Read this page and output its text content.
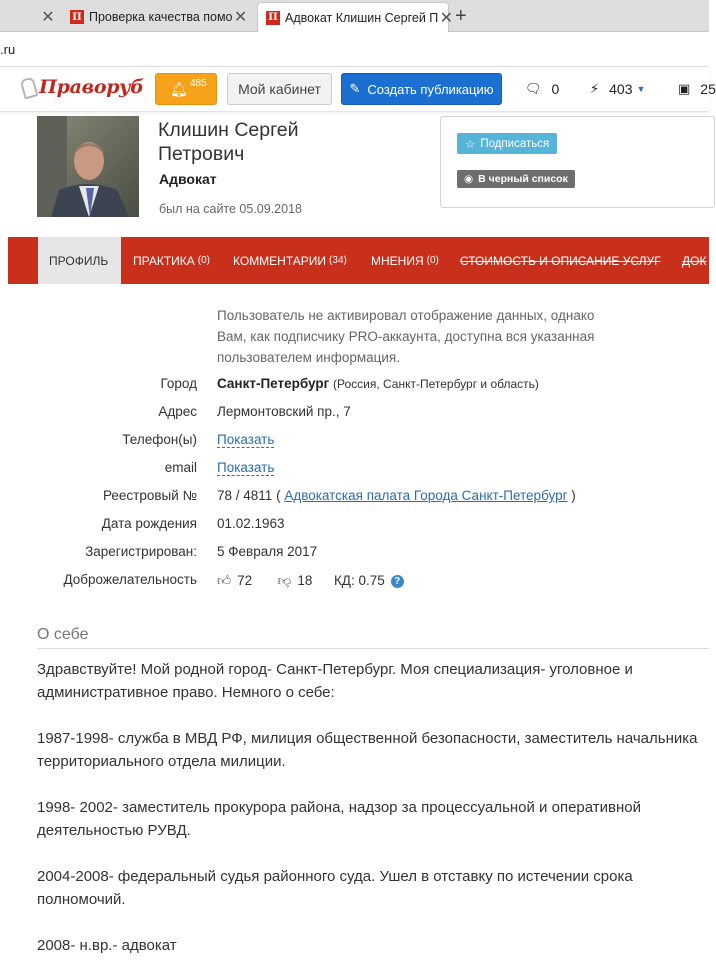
✕ П Проверка качества помо ✕ П Адвокат Клишин Сергей П ✕ +
.ru
Праворуб 🔔︎ 485	Мой кабинет	✎ Создать публикацию 🗨︎ 0 ⚡︎ 403 ▼	▣ 25
Клишин Сергей Петрович
Адвокат
был на сайте 05.09.2018
☆ Подписаться
◉ В черный список
ПРОФИЛЬ ПРАКТИКА (0) КОММЕНТАРИИ (34) МНЕНИЯ (0) СТОИМОСТЬ И ОПИСАНИЕ УСЛУГ ДОК
Пользователь не активировал отображение данных, однако Вам, как подписчику PRO-аккаунта, доступна вся указанная пользователем информация.
Город Санкт-Петербург (Россия, Санкт-Петербург и область)
Адрес Лермонтовский пр., 7
Телефон(ы) Показать
email Показать
Реестровый № 78 / 4811 ( Адвокатская палата Города Санкт-Петербург )
Дата рождения 01.02.1963
Зарегистрирован: 5 Февраля 2017
Доброжелательность 👍︎ 72 👎︎ 18 КД: 0.75 ?
О себе

Здравствуйте! Мой родной город- Санкт-Петербург. Моя специализация- уголовное и административное право. Немного о себе:

1987-1998- служба в МВД РФ, милиция общественной безопасности, заместитель начальника территориального отдела милиции.

1998- 2002- заместитель прокурора района, надзор за процессуальной и оперативной деятельностью РУВД.

2004-2008- федеральный судья районного суда. Ушел в отставку по истечении срока полномочий.

2008- н.вр.- адвокат
